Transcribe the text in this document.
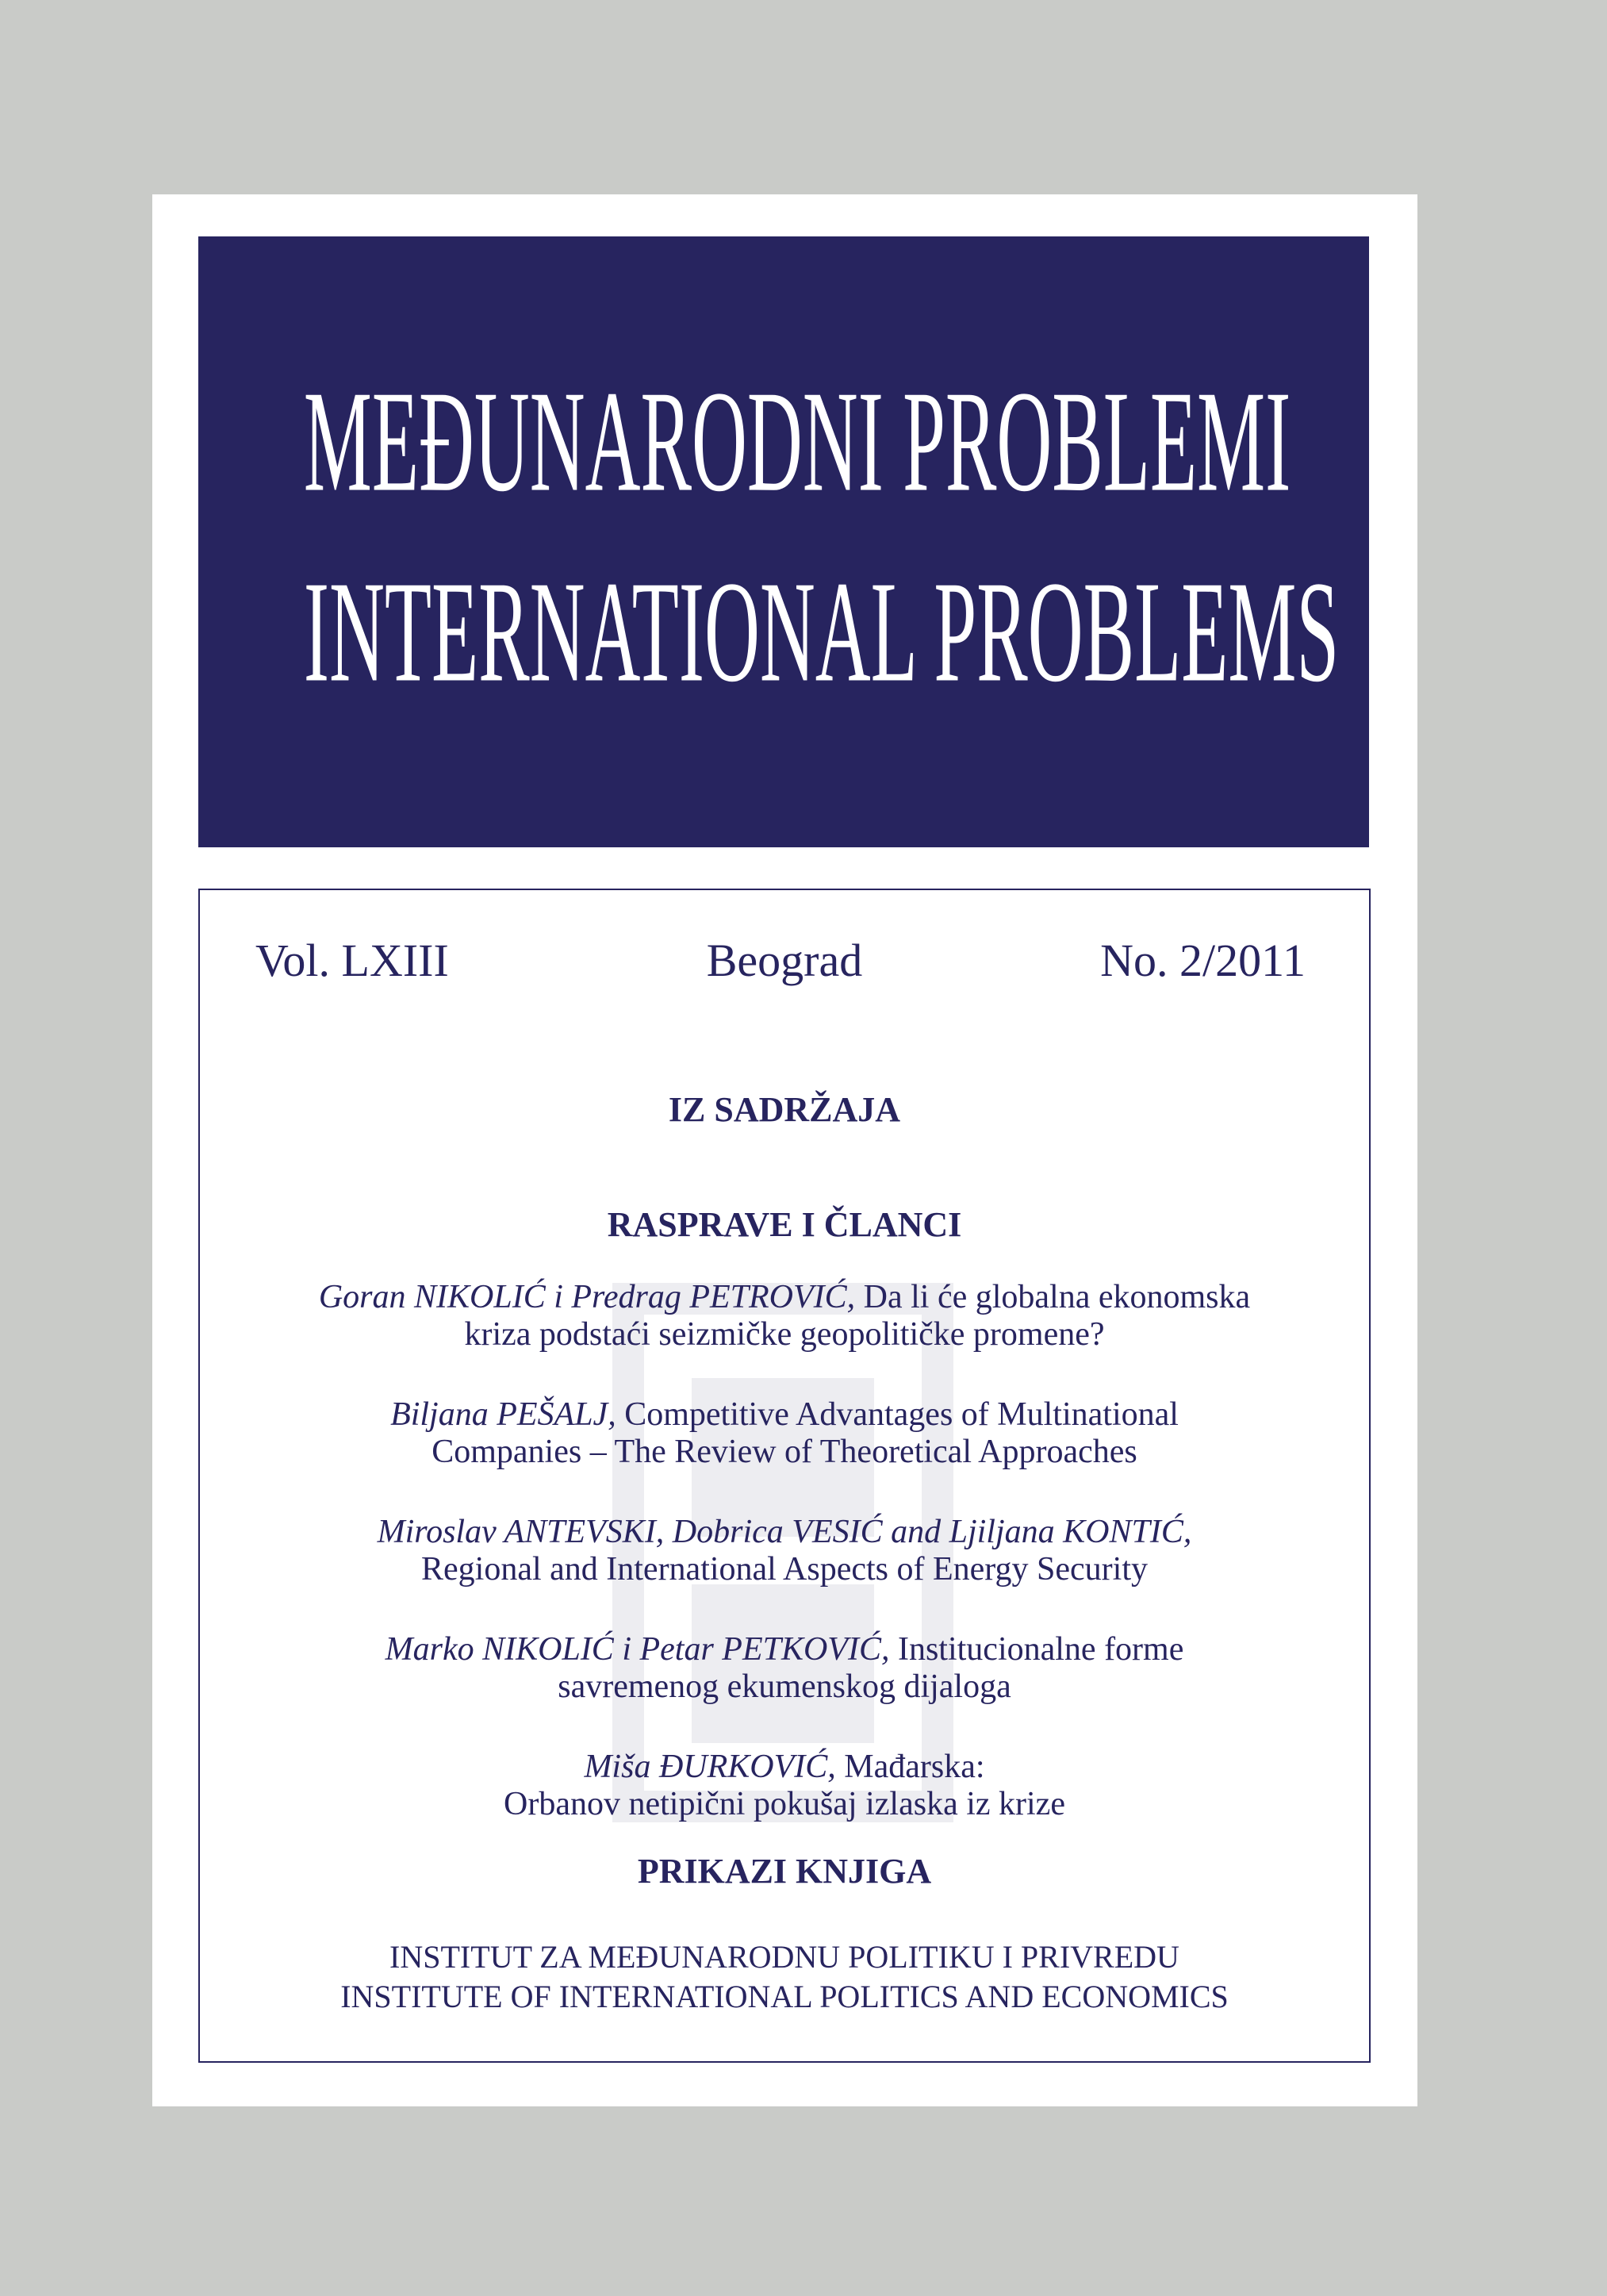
MEĐUNARODNI PROBLEMI
INTERNATIONAL PROBLEMS
Vol. LXIII	Beograd	No. 2/2011
IZ SADRŽAJA
RASPRAVE I ČLANCI
Goran NIKOLIĆ i Predrag PETROVIĆ, Da li će globalna ekonomska
kriza podstaći seizmičke geopolitičke promene?
Biljana PEŠALJ, Competitive Advantages of Multinational
Companies – The Review of Theoretical Approaches
Miroslav ANTEVSKI, Dobrica VESIĆ and Ljiljana KONTIĆ,
Regional and International Aspects of Energy Security
Marko NIKOLIĆ i Petar PETKOVIĆ, Institucionalne forme
savremenog ekumenskog dijaloga
Miša ĐURKOVIĆ, Mađarska:
Orbanov netipični pokušaj izlaska iz krize
PRIKAZI KNJIGA
INSTITUT ZA MEĐUNARODNU POLITIKU I PRIVREDU
INSTITUTE OF INTERNATIONAL POLITICS AND ECONOMICS
